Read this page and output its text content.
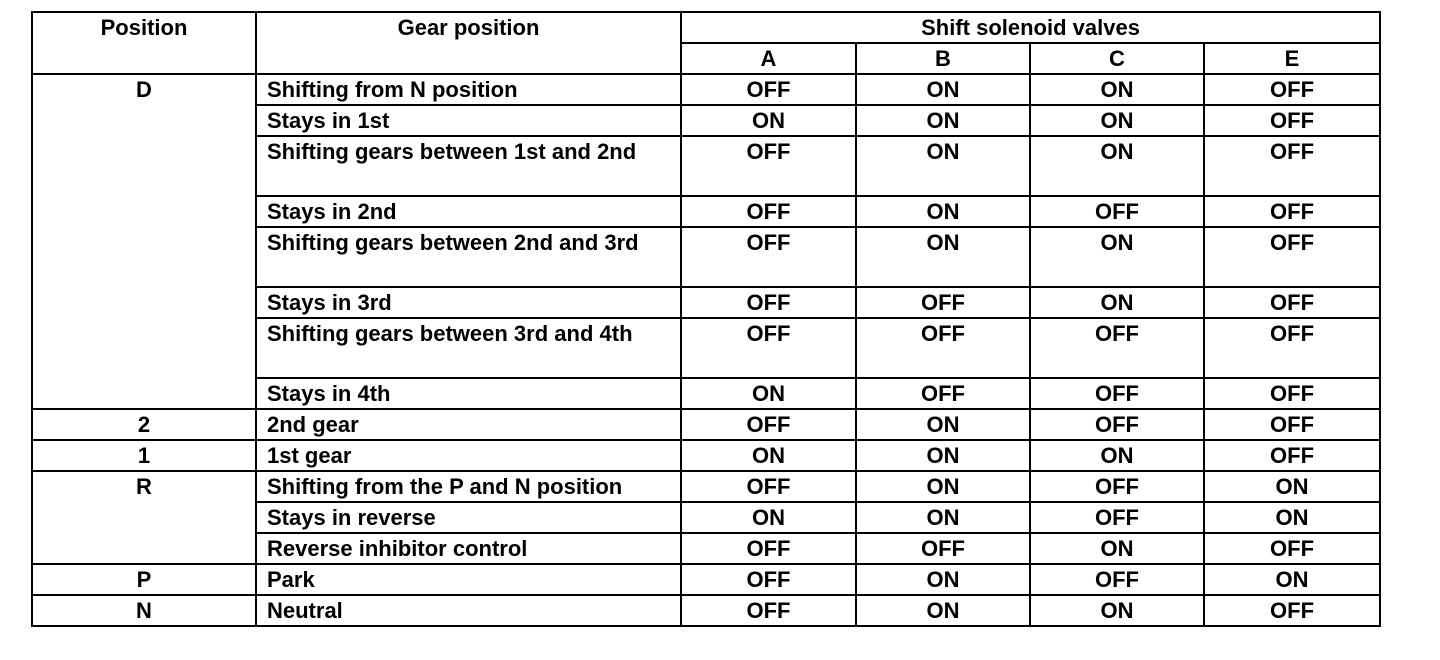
Position	Gear position	Shift solenoid valves			
		A	B	C	E
D	Shifting from N position	OFF	ON	ON	OFF
	Stays in 1st	ON	ON	ON	OFF
	Shifting gears between 1st and 2nd	OFF	ON	ON	OFF
	Stays in 2nd	OFF	ON	OFF	OFF
	Shifting gears between 2nd and 3rd	OFF	ON	ON	OFF
	Stays in 3rd	OFF	OFF	ON	OFF
	Shifting gears between 3rd and 4th	OFF	OFF	OFF	OFF
	Stays in 4th	ON	OFF	OFF	OFF
2	2nd gear	OFF	ON	OFF	OFF
1	1st gear	ON	ON	ON	OFF
R	Shifting from the P and N position	OFF	ON	OFF	ON
	Stays in reverse	ON	ON	OFF	ON
	Reverse inhibitor control	OFF	OFF	ON	OFF
P	Park	OFF	ON	OFF	ON
N	Neutral	OFF	ON	ON	OFF
